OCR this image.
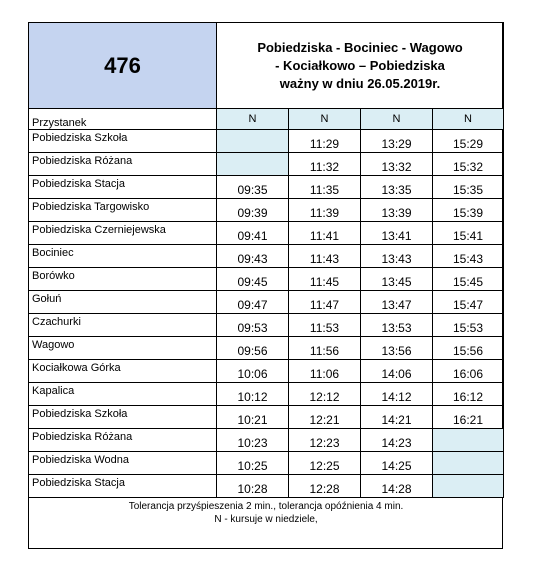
476	Pobiedziska - Bociniec - Wagowo
- Kociałkowo – Pobiedziska
ważny w dniu 26.05.2019r.			

Przystanek	N	N	N	N
Pobiedziska Szkoła		11:29	13:29	15:29
Pobiedziska Różana		11:32	13:32	15:32
Pobiedziska Stacja	09:35	11:35	13:35	15:35
Pobiedziska Targowisko	09:39	11:39	13:39	15:39
Pobiedziska Czerniejewska	09:41	11:41	13:41	15:41
Bociniec	09:43	11:43	13:43	15:43
Borówko	09:45	11:45	13:45	15:45
Gołuń	09:47	11:47	13:47	15:47
Czachurki	09:53	11:53	13:53	15:53
Wagowo	09:56	11:56	13:56	15:56
Kociałkowa Górka	10:06	11:06	14:06	16:06
Kapalica	10:12	12:12	14:12	16:12
Pobiedziska Szkoła	10:21	12:21	14:21	16:21
Pobiedziska Różana	10:23	12:23	14:23	
Pobiedziska Wodna	10:25	12:25	14:25	
Pobiedziska Stacja	10:28	12:28	14:28	

Tolerancja przyśpieszenia 2 min., tolerancja opóźnienia 4 min.
N - kursuje w niedziele,				
